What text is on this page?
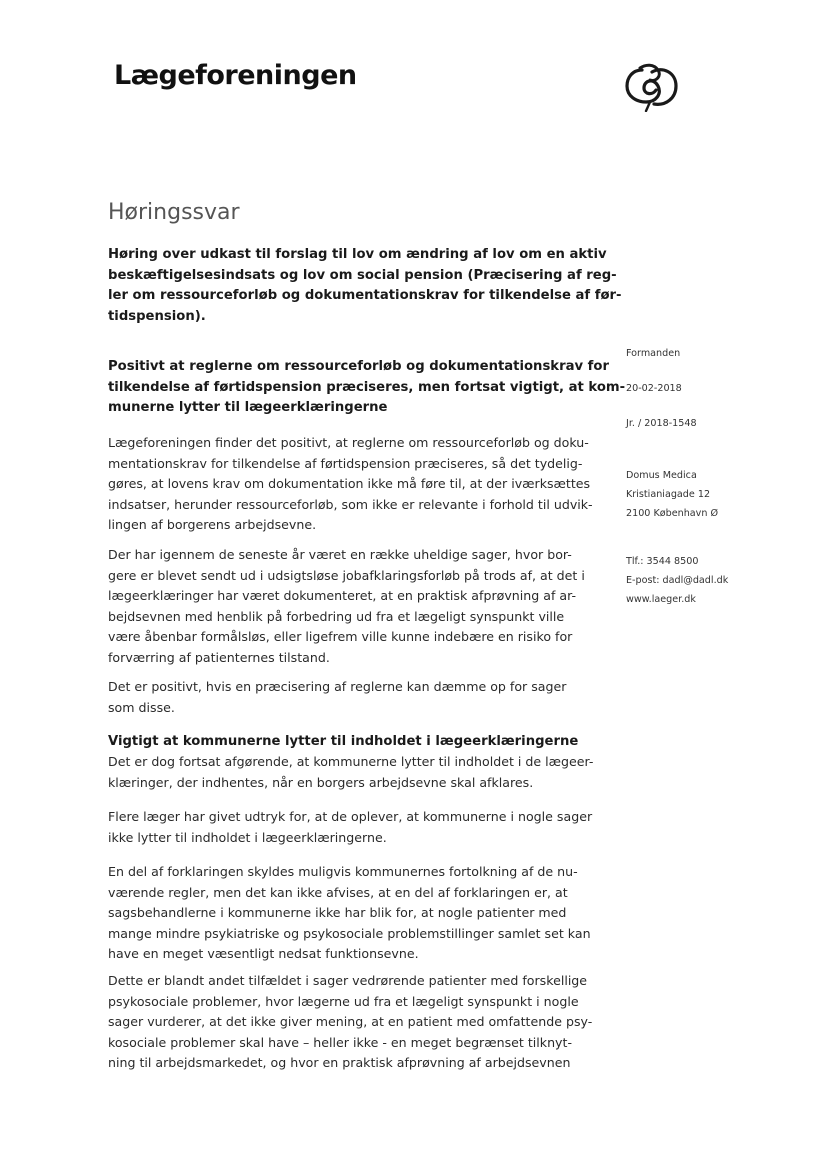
Lægeforeningen
Høringssvar
Høring over udkast til forslag til lov om ændring af lov om en aktiv
beskæftigelsesindsats og lov om social pension (Præcisering af reg-
ler om ressourceforløb og dokumentationskrav for tilkendelse af før-
tidspension).
Formanden
20-02-2018
Jr. / 2018-1548
Domus Medica
Kristianiagade 12
2100 København Ø
Tlf.: 3544 8500
E-post: dadl@dadl.dk
www.laeger.dk
Positivt at reglerne om ressourceforløb og dokumentationskrav for
tilkendelse af førtidspension præciseres, men fortsat vigtigt, at kom-
munerne lytter til lægeerklæringerne
Lægeforeningen finder det positivt, at reglerne om ressourceforløb og doku-
mentationskrav for tilkendelse af førtidspension præciseres, så det tydelig-
gøres, at lovens krav om dokumentation ikke må føre til, at der iværksættes
indsatser, herunder ressourceforløb, som ikke er relevante i forhold til udvik-
lingen af borgerens arbejdsevne.
Der har igennem de seneste år været en række uheldige sager, hvor bor-
gere er blevet sendt ud i udsigtsløse jobafklaringsforløb på trods af, at det i
lægeerklæringer har været dokumenteret, at en praktisk afprøvning af ar-
bejdsevnen med henblik på forbedring ud fra et lægeligt synspunkt ville
være åbenbar formålsløs, eller ligefrem ville kunne indebære en risiko for
forværring af patienternes tilstand.
Det er positivt, hvis en præcisering af reglerne kan dæmme op for sager
som disse.
Vigtigt at kommunerne lytter til indholdet i lægeerklæringerne
Det er dog fortsat afgørende, at kommunerne lytter til indholdet i de lægeer-
klæringer, der indhentes, når en borgers arbejdsevne skal afklares.
Flere læger har givet udtryk for, at de oplever, at kommunerne i nogle sager
ikke lytter til indholdet i lægeerklæringerne.
En del af forklaringen skyldes muligvis kommunernes fortolkning af de nu-
værende regler, men det kan ikke afvises, at en del af forklaringen er, at
sagsbehandlerne i kommunerne ikke har blik for, at nogle patienter med
mange mindre psykiatriske og psykosociale problemstillinger samlet set kan
have en meget væsentligt nedsat funktionsevne.
Dette er blandt andet tilfældet i sager vedrørende patienter med forskellige
psykosociale problemer, hvor lægerne ud fra et lægeligt synspunkt i nogle
sager vurderer, at det ikke giver mening, at en patient med omfattende psy-
kosociale problemer skal have – heller ikke - en meget begrænset tilknyt-
ning til arbejdsmarkedet, og hvor en praktisk afprøvning af arbejdsevnen
